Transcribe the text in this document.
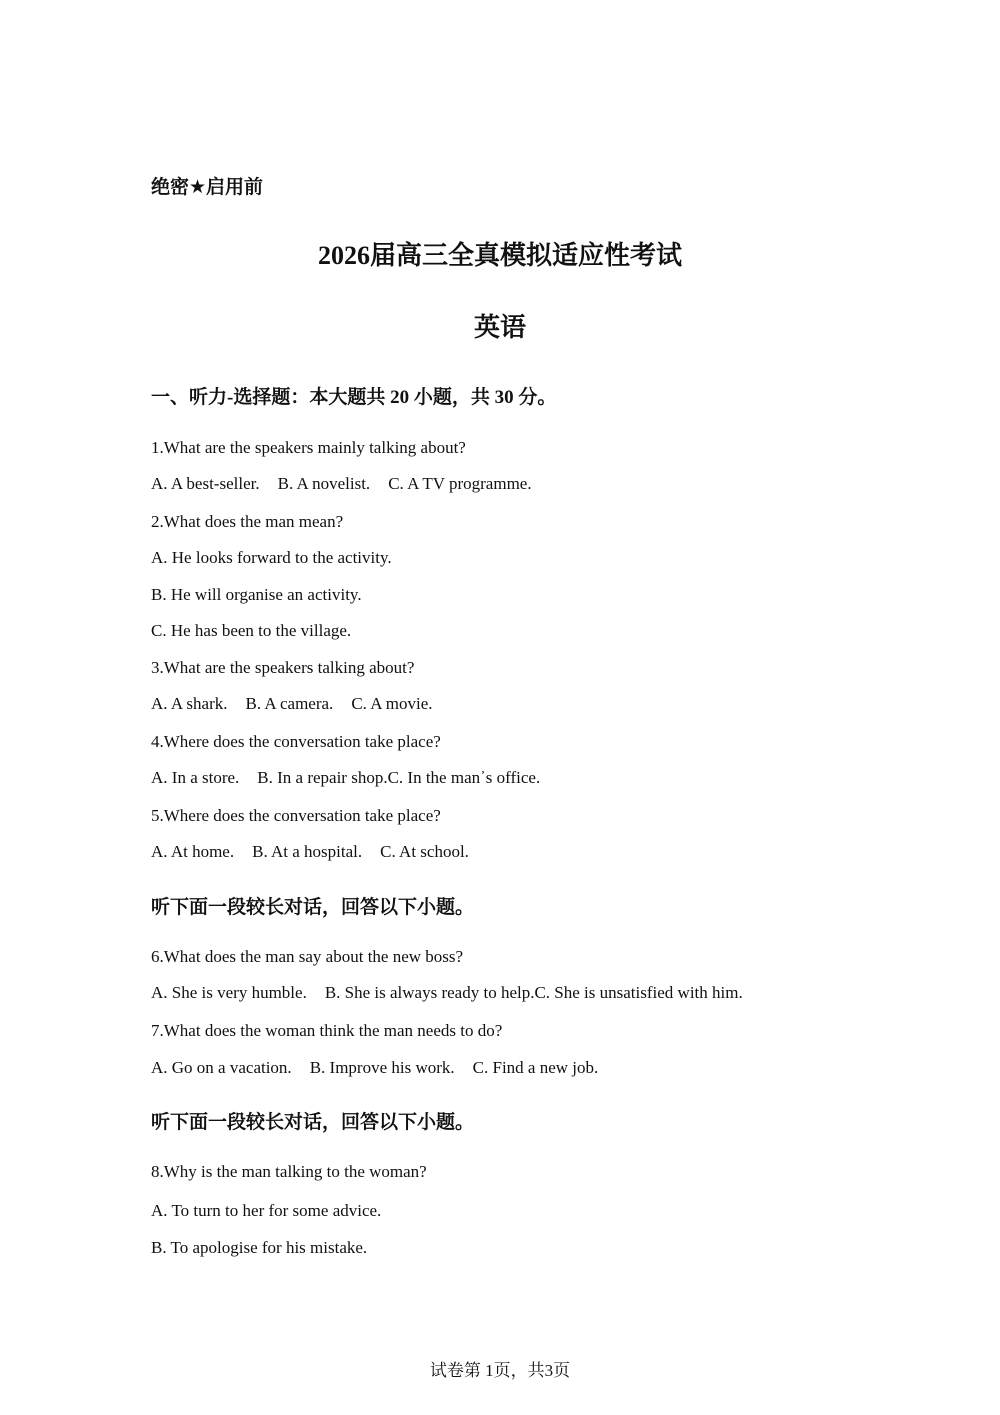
绝密★启用前
2026届高三全真模拟适应性考试
英语
一、听力-选择题：本大题共 20 小题，共 30 分。
1.What are the speakers mainly talking about?
A. A best-seller. B. A novelist. C. A TV programme.
2.What does the man mean?
A. He looks forward to the activity.
B. He will organise an activity.
C. He has been to the village.
3.What are the speakers talking about?
A. A shark. B. A camera. C. A movie.
4.Where does the conversation take place?
A. In a store. B. In a repair shop.C. In the man᾽s office.
5.Where does the conversation take place?
A. At home. B. At a hospital. C. At school.
听下面一段较长对话，回答以下小题。
6.What does the man say about the new boss?
A. She is very humble. B. She is always ready to help.C. She is unsatisfied with him.
7.What does the woman think the man needs to do?
A. Go on a vacation. B. Improve his work. C. Find a new job.
听下面一段较长对话，回答以下小题。
8.Why is the man talking to the woman?
A. To turn to her for some advice.
B. To apologise for his mistake.
试卷第 1页，共3页
